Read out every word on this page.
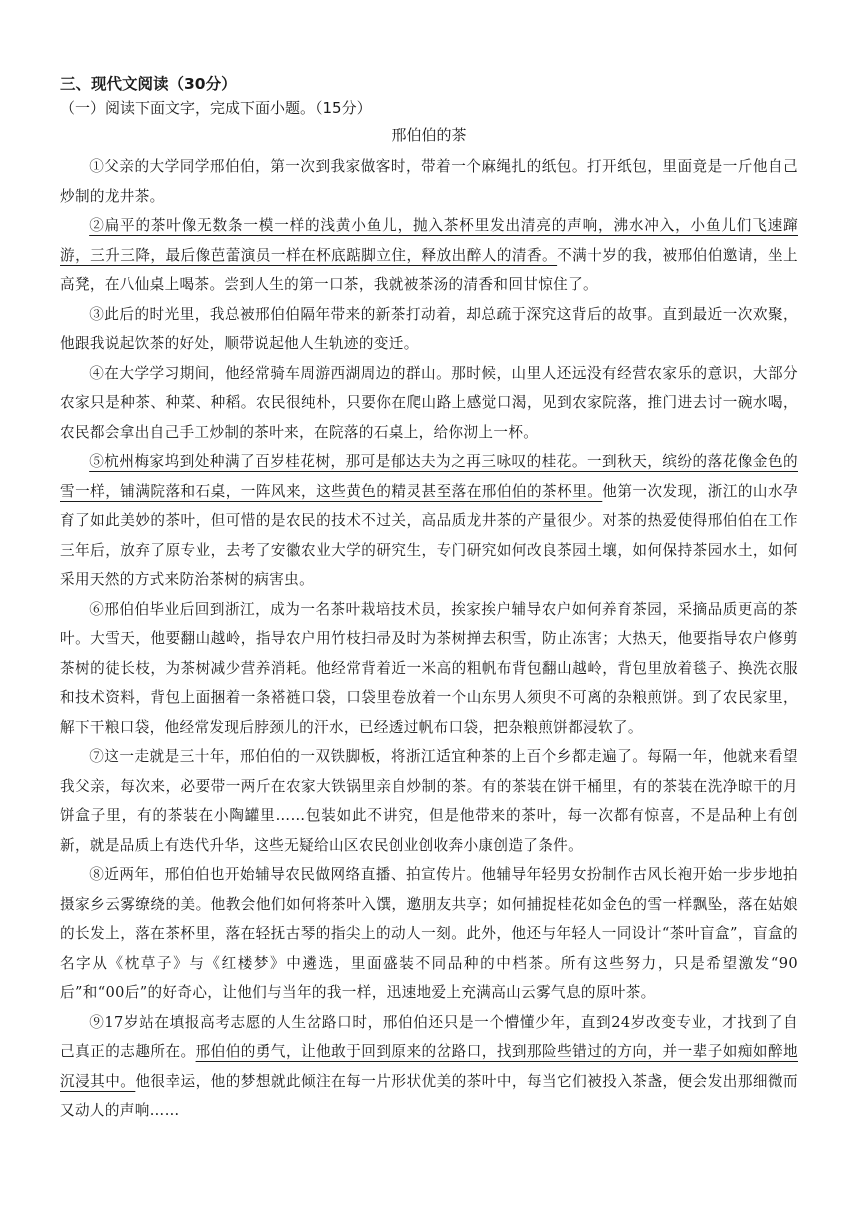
三、现代文阅读（30分）

（一）阅读下面文字，完成下面小题。（15分）

邢伯伯的茶

①父亲的大学同学邢伯伯，第一次到我家做客时，带着一个麻绳扎的纸包。打开纸包，里面竟是一斤他自己炒制的龙井茶。

②扁平的茶叶像无数条一模一样的浅黄小鱼儿，抛入茶杯里发出清亮的声响，沸水冲入，小鱼儿们飞速蹿游，三升三降，最后像芭蕾演员一样在杯底踮脚立住，释放出醉人的清香。不满十岁的我，被邢伯伯邀请，坐上高凳，在八仙桌上喝茶。尝到人生的第一口茶，我就被茶汤的清香和回甘惊住了。

③此后的时光里，我总被邢伯伯隔年带来的新茶打动着，却总疏于深究这背后的故事。直到最近一次欢聚，他跟我说起饮茶的好处，顺带说起他人生轨迹的变迁。

④在大学学习期间，他经常骑车周游西湖周边的群山。那时候，山里人还远没有经营农家乐的意识，大部分农家只是种茶、种菜、种稻。农民很纯朴，只要你在爬山路上感觉口渴，见到农家院落，推门进去讨一碗水喝，农民都会拿出自己手工炒制的茶叶来，在院落的石桌上，给你沏上一杯。

⑤杭州梅家坞到处种满了百岁桂花树，那可是郁达夫为之再三咏叹的桂花。一到秋天，缤纷的落花像金色的雪一样，铺满院落和石桌，一阵风来，这些黄色的精灵甚至落在邢伯伯的茶杯里。他第一次发现，浙江的山水孕育了如此美妙的茶叶，但可惜的是农民的技术不过关，高品质龙井茶的产量很少。对茶的热爱使得邢伯伯在工作三年后，放弃了原专业，去考了安徽农业大学的研究生，专门研究如何改良茶园土壤，如何保持茶园水土，如何采用天然的方式来防治茶树的病害虫。

⑥邢伯伯毕业后回到浙江，成为一名茶叶栽培技术员，挨家挨户辅导农户如何养育茶园，采摘品质更高的茶叶。大雪天，他要翻山越岭，指导农户用竹枝扫帚及时为茶树掸去积雪，防止冻害；大热天，他要指导农户修剪茶树的徒长枝，为茶树减少营养消耗。他经常背着近一米高的粗帆布背包翻山越岭，背包里放着毯子、换洗衣服和技术资料，背包上面捆着一条褡裢口袋，口袋里卷放着一个山东男人须臾不可离的杂粮煎饼。到了农民家里，解下干粮口袋，他经常发现后脖颈儿的汗水，已经透过帆布口袋，把杂粮煎饼都浸软了。

⑦这一走就是三十年，邢伯伯的一双铁脚板，将浙江适宜种茶的上百个乡都走遍了。每隔一年，他就来看望我父亲，每次来，必要带一两斤在农家大铁锅里亲自炒制的茶。有的茶装在饼干桶里，有的茶装在洗净晾干的月饼盒子里，有的茶装在小陶罐里……包装如此不讲究，但是他带来的茶叶，每一次都有惊喜，不是品种上有创新，就是品质上有迭代升华，这些无疑给山区农民创业创收奔小康创造了条件。

⑧近两年，邢伯伯也开始辅导农民做网络直播、拍宣传片。他辅导年轻男女扮制作古风长袍开始一步步地拍摄家乡云雾缭绕的美。他教会他们如何将茶叶入馔，邀朋友共享；如何捕捉桂花如金色的雪一样飘坠，落在姑娘的长发上，落在茶杯里，落在轻抚古琴的指尖上的动人一刻。此外，他还与年轻人一同设计“茶叶盲盒”，盲盒的名字从《枕草子》与《红楼梦》中遴选，里面盛装不同品种的中档茶。所有这些努力，只是希望激发“90后”和“00后”的好奇心，让他们与当年的我一样，迅速地爱上充满高山云雾气息的原叶茶。

⑨17岁站在填报高考志愿的人生岔路口时，邢伯伯还只是一个懵懂少年，直到24岁改变专业，才找到了自己真正的志趣所在。邢伯伯的勇气，让他敢于回到原来的岔路口，找到那险些错过的方向，并一辈子如痴如醉地沉浸其中。他很幸运，他的梦想就此倾注在每一片形状优美的茶叶中，每当它们被投入茶盏，便会发出那细微而又动人的声响……
